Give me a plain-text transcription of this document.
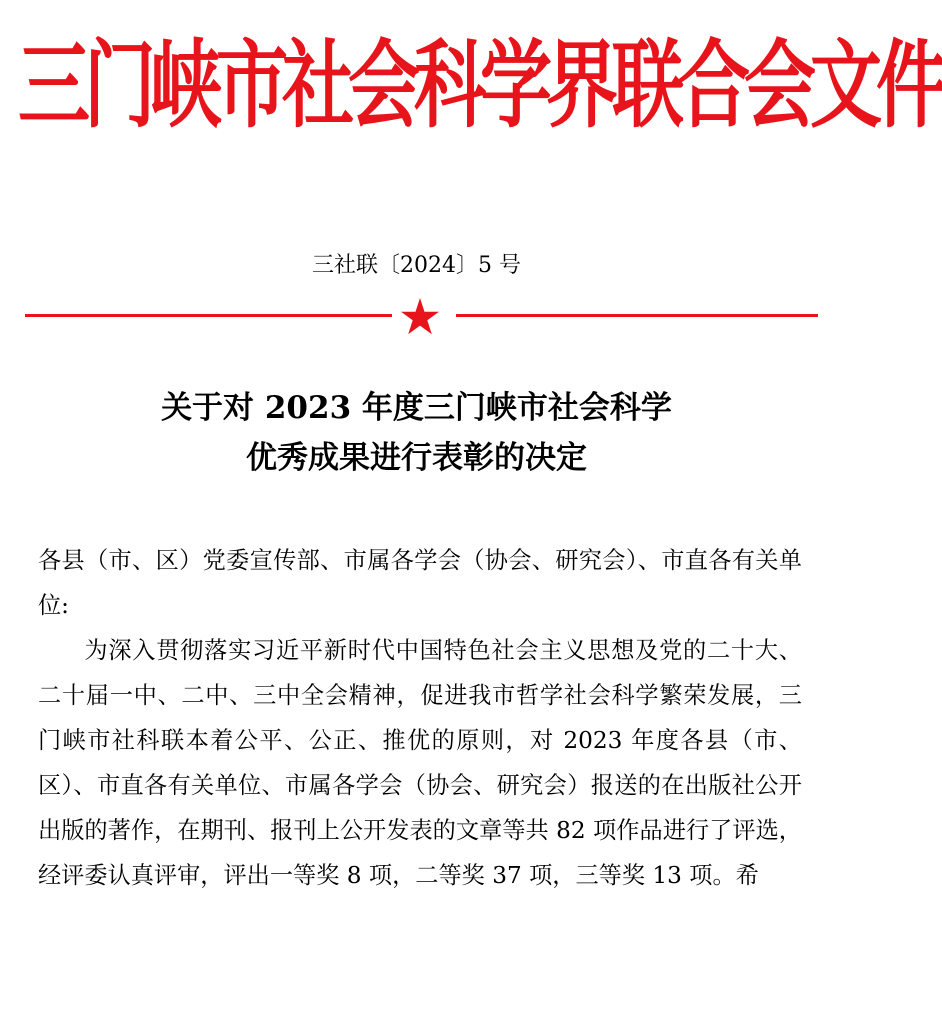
三门峡市社会科学界联合会文件
三社联〔2024〕5 号
关于对 2023 年度三门峡市社会科学
优秀成果进行表彰的决定

各县（市、区）党委宣传部、市属各学会（协会、研究会）、市直各有关单位:

为深入贯彻落实习近平新时代中国特色社会主义思想及党的二十大、二十届一中、二中、三中全会精神，促进我市哲学社会科学繁荣发展，三门峡市社科联本着公平、公正、推优的原则，对 2023 年度各县（市、区）、市直各有关单位、市属各学会（协会、研究会）报送的在出版社公开出版的著作，在期刊、报刊上公开发表的文章等共 82 项作品进行了评选，经评委认真评审，评出一等奖 8 项，二等奖 37 项，三等奖 13 项。希
